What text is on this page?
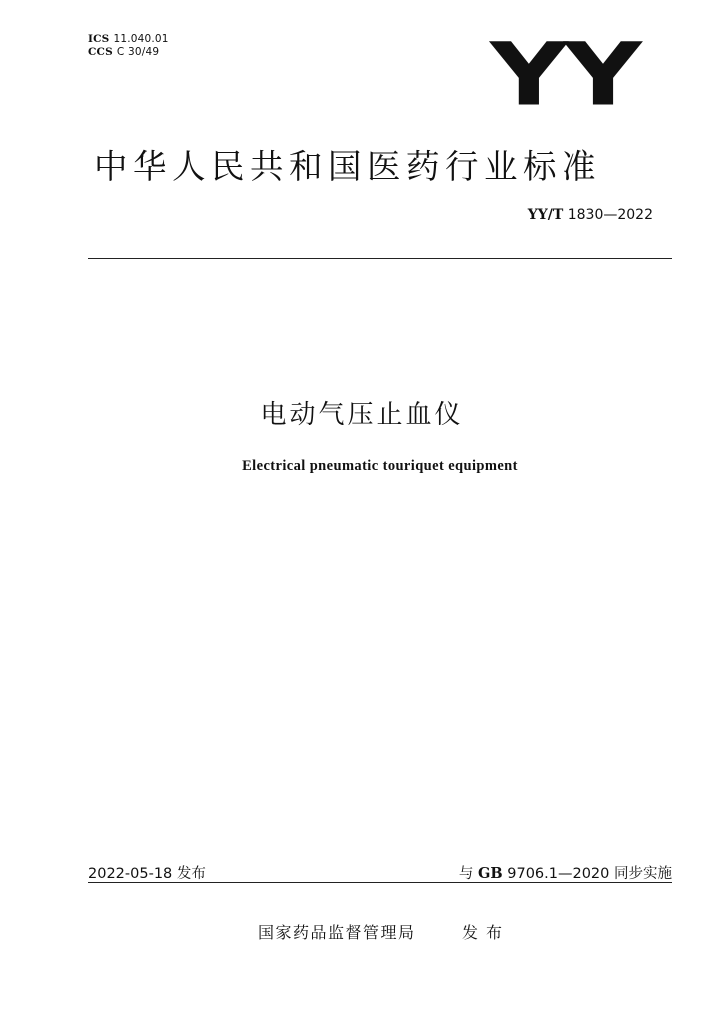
ICS 11.040.01
CCS C 30/49	YY
中华人民共和国医药行业标准
YY/T 1830—2022
电动气压止血仪
Electrical pneumatic touriquet equipment
2022-05-18 发布	与 GB 9706.1—2020 同步实施
国家药品监督管理局	发布
